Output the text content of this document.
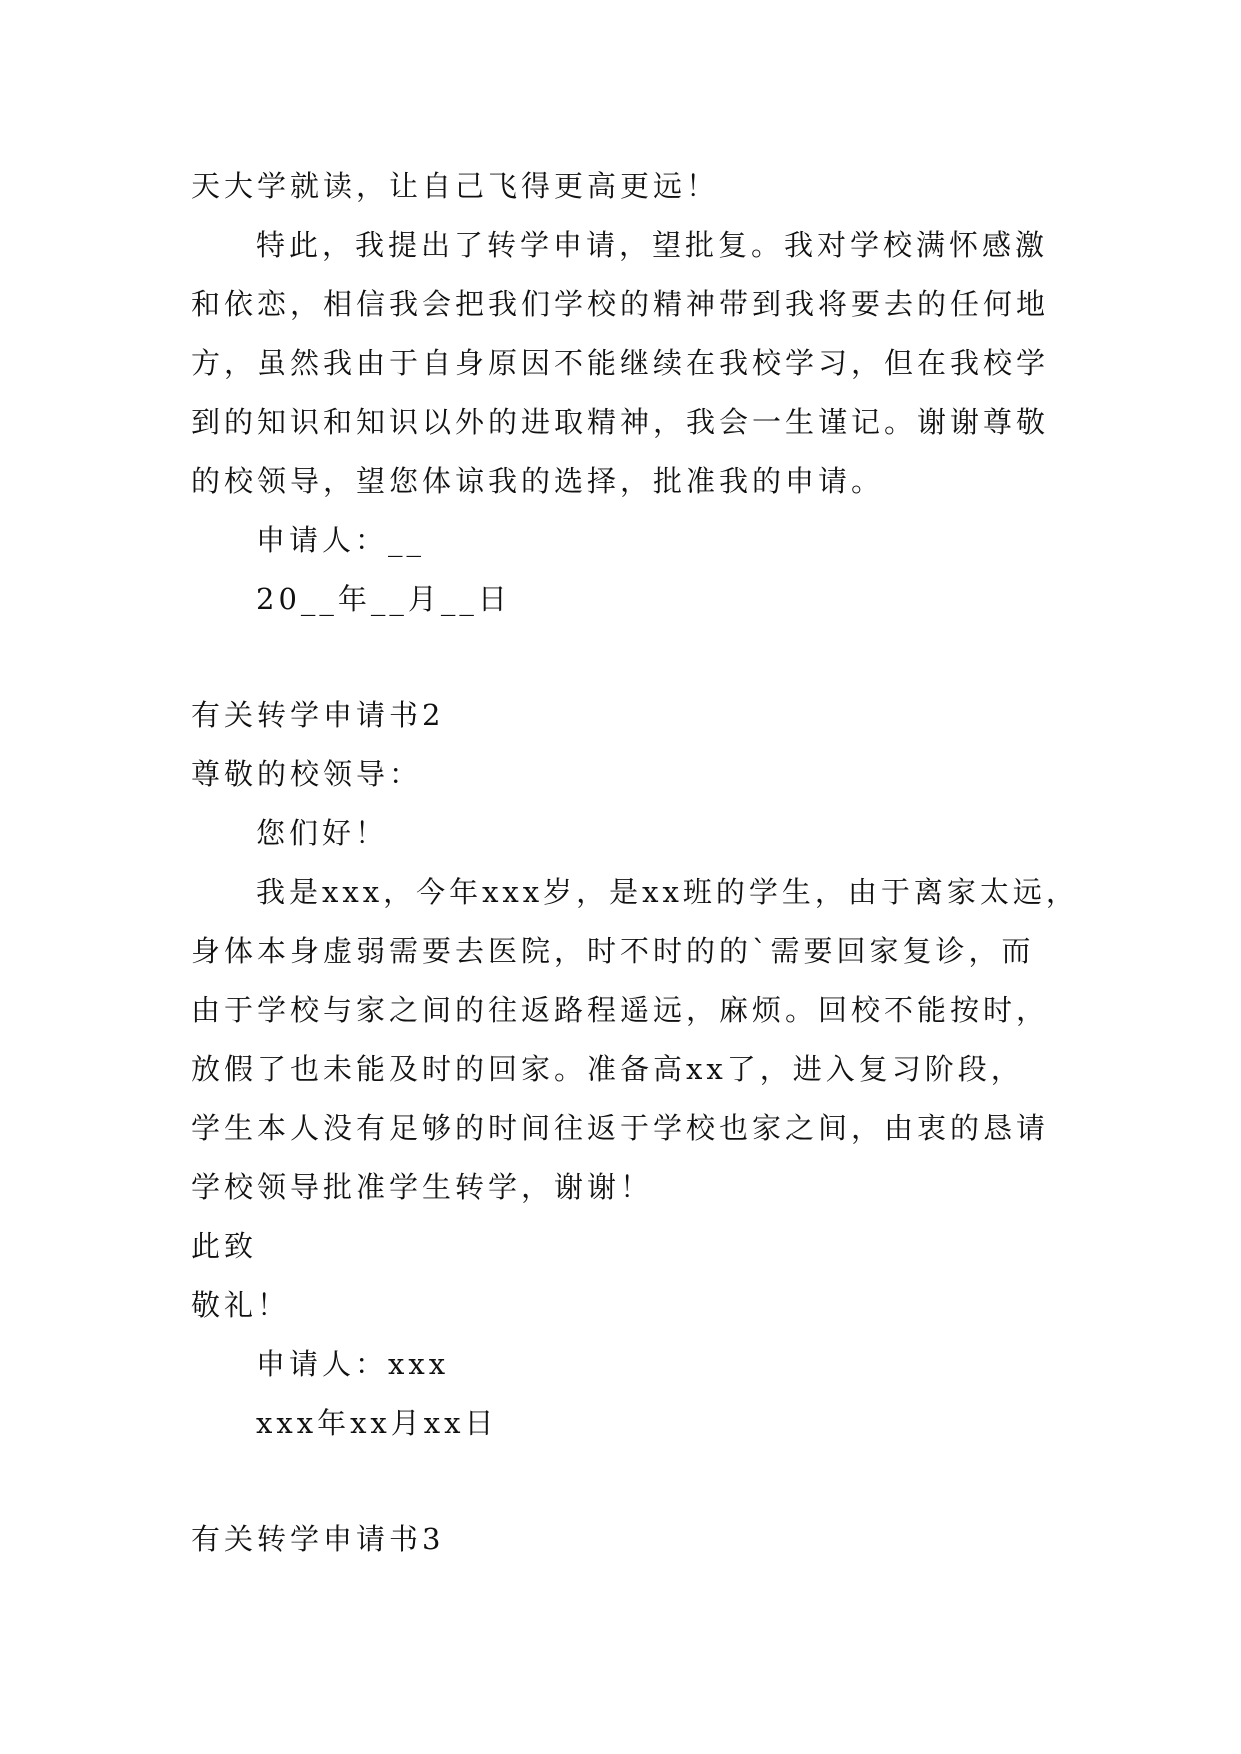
天大学就读，让自己飞得更高更远！
特此，我提出了转学申请，望批复。我对学校满怀感激
和依恋，相信我会把我们学校的精神带到我将要去的任何地
方，虽然我由于自身原因不能继续在我校学习，但在我校学
到的知识和知识以外的进取精神，我会一生谨记。谢谢尊敬
的校领导，望您体谅我的选择，批准我的申请。
申请人：__
20__年__月__日
有关转学申请书2
尊敬的校领导：
您们好！
我是xxx，今年xxx岁，是xx班的学生，由于离家太远，
身体本身虚弱需要去医院，时不时的的`需要回家复诊，而
由于学校与家之间的往返路程遥远，麻烦。回校不能按时，
放假了也未能及时的回家。准备高xx了，进入复习阶段，
学生本人没有足够的时间往返于学校也家之间，由衷的恳请
学校领导批准学生转学，谢谢！
此致
敬礼！
申请人：xxx
xxx年xx月xx日
有关转学申请书3
